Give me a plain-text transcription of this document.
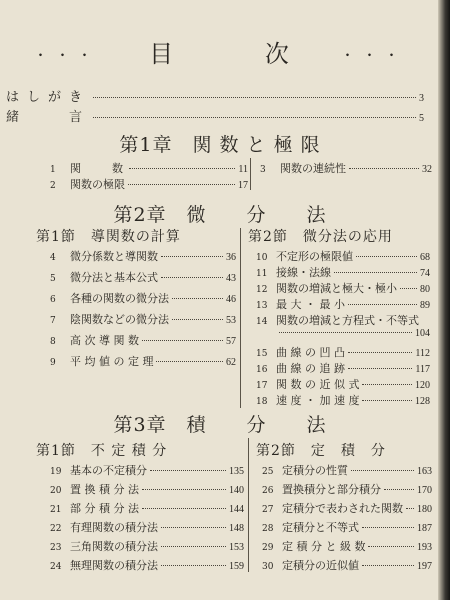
・・・ 目	次	・・・
はしがき	3
緒　　言	5
第1章　関 数 と 極 限
1	関　　数	11
2	関数の極限	17
3	関数の連続性	32
第2章　微　　分　　法
第1節　導関数の計算	第2節　微分法の応用
4	微分係数と導関数	36
5	微分法と基本公式	43
6	各種の関数の微分法	46
7	陰関数などの微分法	53
8	高 次 導 関 数	57
9	平 均 値 の 定 理	62
10 不定形の極限値	68
11 接線・法線	74
12 関数の増減と極大・極小 80
13 最 大 ・ 最 小	89
14 関数の増減と方程式・不等式
104
15 曲 線 の 凹 凸	112
16 曲 線 の 追 跡	117
17 関 数 の 近 似 式	120
18 速 度 ・ 加 速 度	128
第3章　積　　分　　法
第1節　不 定 積 分	第2節　定　積　分
19 基本の不定積分	135
20 置 換 積 分 法	140
21 部 分 積 分 法	144
22 有理関数の積分法	148
23 三角関数の積分法	153
24 無理関数の積分法	159
25 定積分の性質	163
26 置換積分と部分積分	170
27 定積分で表わされた関数 180
28 定積分と不等式	187
29 定 積 分 と 級 数	193
30 定積分の近似値	197
